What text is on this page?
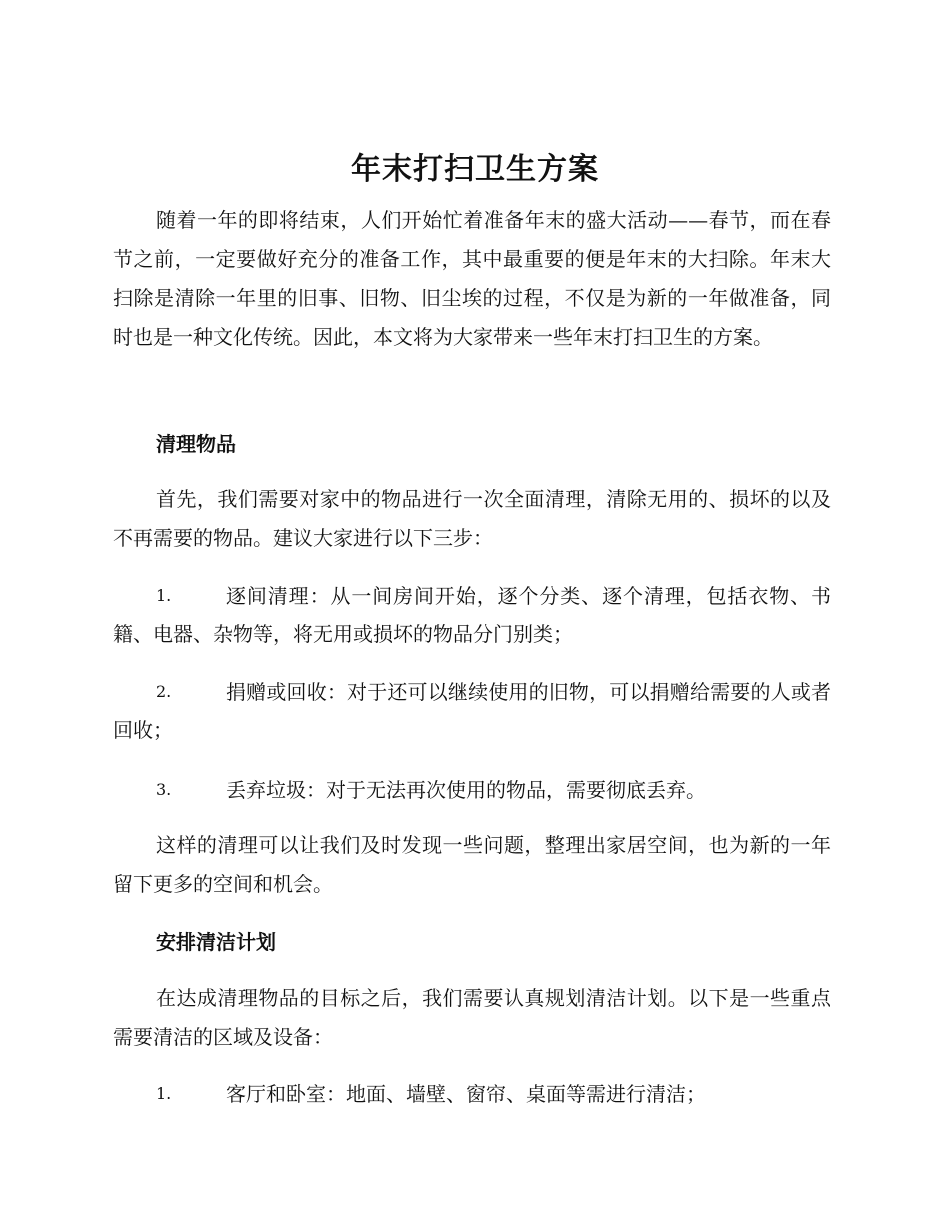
年末打扫卫生方案

随着一年的即将结束，人们开始忙着准备年末的盛大活动——春节，而在春节之前，一定要做好充分的准备工作，其中最重要的便是年末的大扫除。年末大扫除是清除一年里的旧事、旧物、旧尘埃的过程，不仅是为新的一年做准备，同时也是一种文化传统。因此，本文将为大家带来一些年末打扫卫生的方案。

清理物品

首先，我们需要对家中的物品进行一次全面清理，清除无用的、损坏的以及不再需要的物品。建议大家进行以下三步：

1.	逐间清理：从一间房间开始，逐个分类、逐个清理，包括衣物、书籍、电器、杂物等，将无用或损坏的物品分门别类；
2.	捐赠或回收：对于还可以继续使用的旧物，可以捐赠给需要的人或者回收；
3.	丢弃垃圾：对于无法再次使用的物品，需要彻底丢弃。

这样的清理可以让我们及时发现一些问题，整理出家居空间，也为新的一年留下更多的空间和机会。

安排清洁计划

在达成清理物品的目标之后，我们需要认真规划清洁计划。以下是一些重点需要清洁的区域及设备：

1.	客厅和卧室：地面、墙壁、窗帘、桌面等需进行清洁；
